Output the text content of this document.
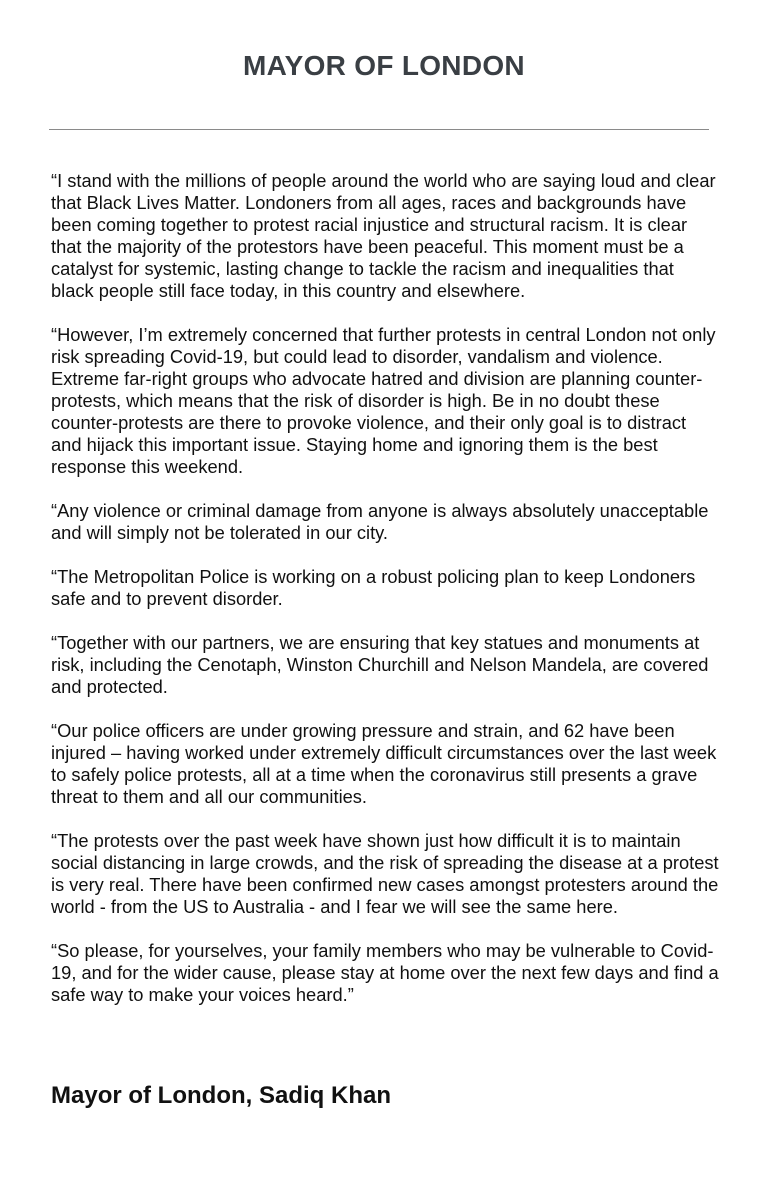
MAYOR OF LONDON

“I stand with the millions of people around the world who are saying loud and clear that Black Lives Matter. Londoners from all ages, races and backgrounds have been coming together to protest racial injustice and structural racism. It is clear that the majority of the protestors have been peaceful. This moment must be a catalyst for systemic, lasting change to tackle the racism and inequalities that black people still face today, in this country and elsewhere.

“However, I’m extremely concerned that further protests in central London not only risk spreading Covid-19, but could lead to disorder, vandalism and violence. Extreme far-right groups who advocate hatred and division are planning counter-protests, which means that the risk of disorder is high. Be in no doubt these counter-protests are there to provoke violence, and their only goal is to distract and hijack this important issue. Staying home and ignoring them is the best response this weekend.

“Any violence or criminal damage from anyone is always absolutely unacceptable and will simply not be tolerated in our city.

“The Metropolitan Police is working on a robust policing plan to keep Londoners safe and to prevent disorder.

“Together with our partners, we are ensuring that key statues and monuments at risk, including the Cenotaph, Winston Churchill and Nelson Mandela, are covered and protected.

“Our police officers are under growing pressure and strain, and 62 have been injured – having worked under extremely difficult circumstances over the last week to safely police protests, all at a time when the coronavirus still presents a grave threat to them and all our communities.

“The protests over the past week have shown just how difficult it is to maintain social distancing in large crowds, and the risk of spreading the disease at a protest is very real. There have been confirmed new cases amongst protesters around the world - from the US to Australia - and I fear we will see the same here.

“So please, for yourselves, your family members who may be vulnerable to Covid-19, and for the wider cause, please stay at home over the next few days and find a safe way to make your voices heard.”

Mayor of London, Sadiq Khan
